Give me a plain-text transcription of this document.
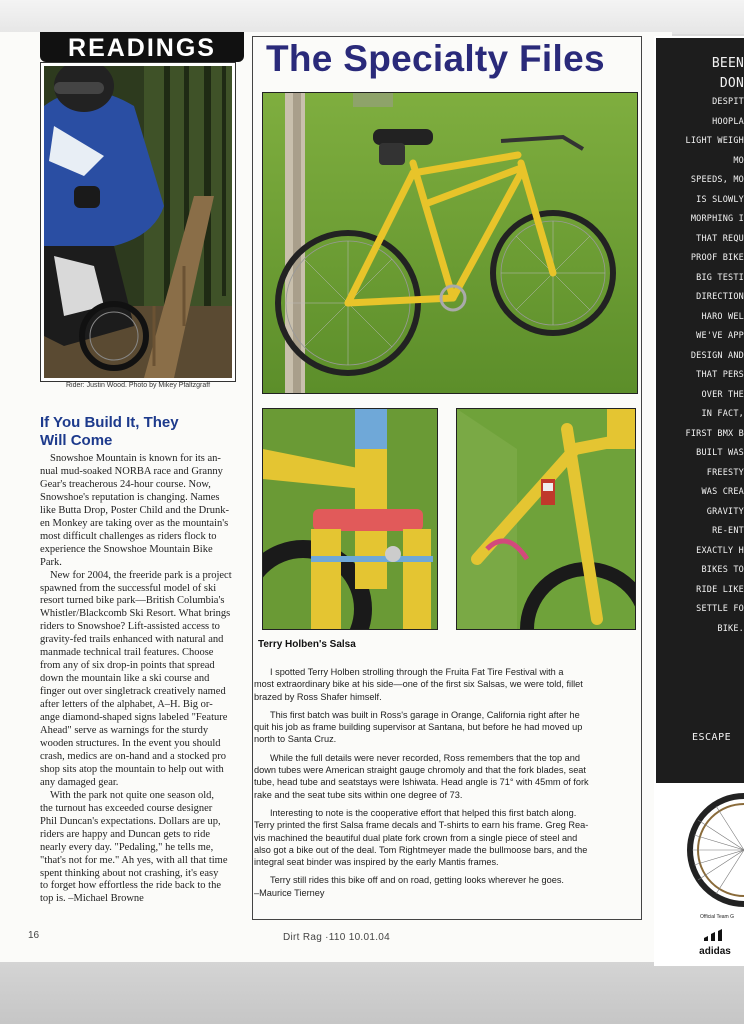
BEEN
DON
DESPIT
HOOPLA
LIGHT WEIGH
MO
SPEEDS, MO
IS SLOWLY
MORPHING I
THAT REQU
PROOF BIKE
BIG TESTI
DIRECTION
HARO WEL
WE'VE APP
DESIGN AND
THAT PERS
OVER THE
IN FACT,
FIRST BMX B
BUILT WAS
FREESTY
WAS CREA
GRAVITY
RE-ENT
EXACTLY H
BIKES TO
RIDE LIKE
SETTLE FO
BIKE.
ESCAPE
Official Team G
adidas
READINGS
Rider: Justin Wood. Photo by Mikey Pfaltzgraff
If You Build It, They
Will Come
Snowshoe Mountain is known for its an-
nual mud-soaked NORBA race and Granny
Gear's treacherous 24-hour course. Now,
Snowshoe's reputation is changing. Names
like Butta Drop, Poster Child and the Drunk-
en Monkey are taking over as the mountain's
most difficult challenges as riders flock to
experience the Snowshoe Mountain Bike
Park.
New for 2004, the freeride park is a project
spawned from the successful model of ski
resort turned bike park—British Columbia's
Whistler/Blackcomb Ski Resort. What brings
riders to Snowshoe? Lift-assisted access to
gravity-fed trails enhanced with natural and
manmade technical trail features. Choose
from any of six drop-in points that spread
down the mountain like a ski course and
finger out over singletrack creatively named
after letters of the alphabet, A–H. Big or-
ange diamond-shaped signs labeled "Feature
Ahead" serve as warnings for the sturdy
wooden structures. In the event you should
crash, medics are on-hand and a stocked pro
shop sits atop the mountain to help out with
any damaged gear.
With the park not quite one season old,
the turnout has exceeded course designer
Phil Duncan's expectations. Dollars are up,
riders are happy and Duncan gets to ride
nearly every day. "Pedaling," he tells me,
"that's not for me." Ah yes, with all that time
spent thinking about not crashing, it's easy
to forget how effortless the ride back to the
top is. –Michael Browne
The Specialty Files
Terry Holben's Salsa

I spotted Terry Holben strolling through the Fruita Fat Tire Festival with a
most extraordinary bike at his side—one of the first six Salsas, we were told, fillet
brazed by Ross Shafer himself.

This first batch was built in Ross's garage in Orange, California right after he
quit his job as frame building supervisor at Santana, but before he had moved up
north to Santa Cruz.

While the full details were never recorded, Ross remembers that the top and
down tubes were American straight gauge chromoly and that the fork blades, seat
tube, head tube and seatstays were Ishiwata. Head angle is 71° with 45mm of fork
rake and the seat tube sits within one degree of 73.

Interesting to note is the cooperative effort that helped this first batch along.
Terry printed the first Salsa frame decals and T-shirts to earn his frame. Greg Rea-
vis machined the beautiful dual plate fork crown from a single piece of steel and
also got a bike out of the deal. Tom Rightmeyer made the bullmoose bars, and the
integral seat binder was inspired by the early Mantis frames.

Terry still rides this bike off and on road, getting looks wherever he goes.
–Maurice Tierney

16	Dirt Rag ·110 10.01.04
